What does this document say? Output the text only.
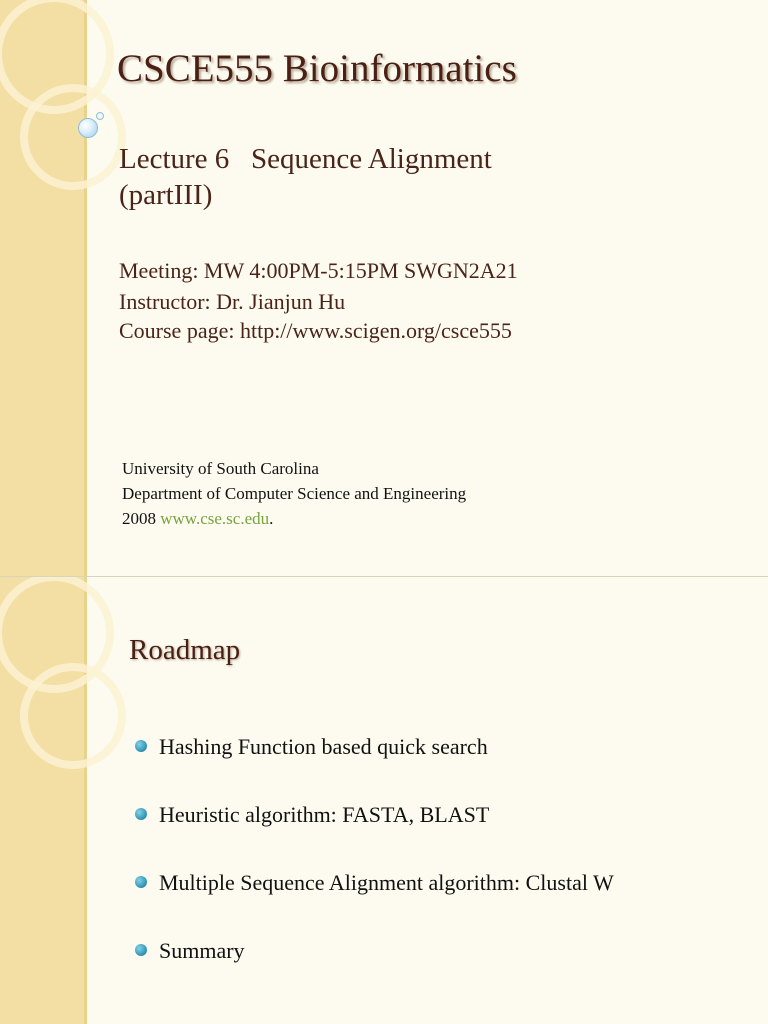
CSCE555 Bioinformatics
Lecture 6   Sequence Alignment
(partIII)
Meeting: MW 4:00PM-5:15PM SWGN2A21
Instructor: Dr. Jianjun Hu
Course page: http://www.scigen.org/csce555
University of South Carolina
Department of Computer Science and Engineering
2008 www.cse.sc.edu.
Roadmap
Hashing Function based quick search
Heuristic algorithm: FASTA, BLAST
Multiple Sequence Alignment algorithm: Clustal W
Summary
